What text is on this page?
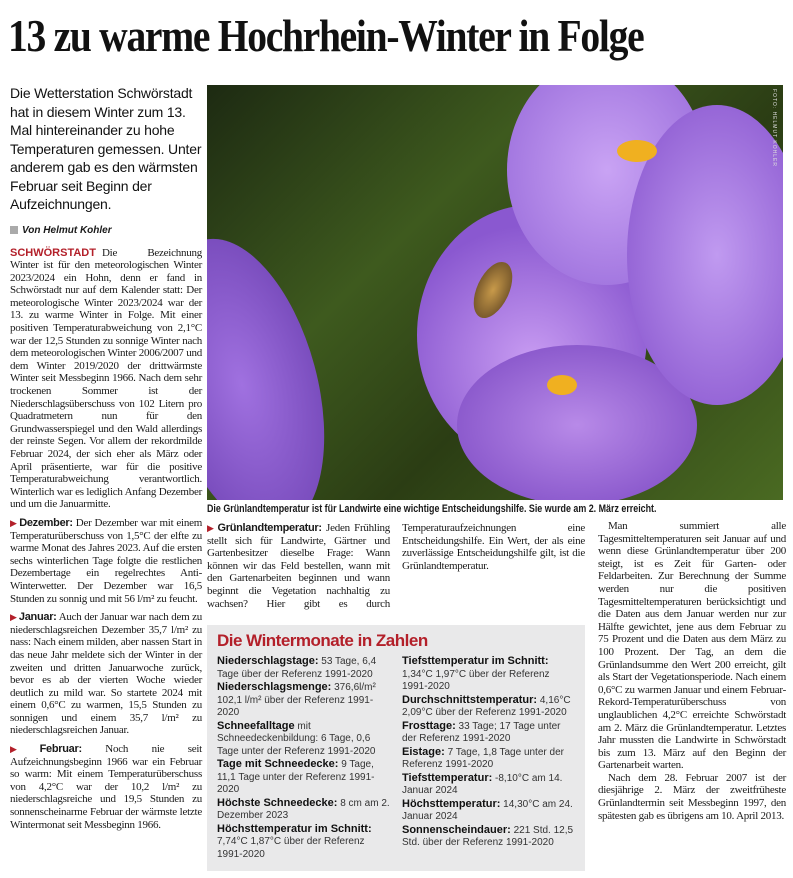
13 zu warme Hochrhein-Winter in Folge
Die Wetterstation Schwörstadt hat in diesem Winter zum 13. Mal hintereinander zu hohe Temperaturen gemessen. Unter anderem gab es den wärmsten Februar seit Beginn der Aufzeichnungen.
Von Helmut Kohler

SCHWÖRSTADT Die Bezeichnung Winter ist für den meteorologischen Winter 2023/2024 ein Hohn, denn er fand in Schwörstadt nur auf dem Kalender statt: Der meteorologische Winter 2023/2024 war der 13. zu warme Winter in Folge. Mit einer positiven Temperaturabweichung von 2,1°C war der 12,5 Stunden zu sonnige Winter nach dem meteorologischen Winter 2006/2007 und dem Winter 2019/2020 der drittwärmste Winter seit Messbeginn 1966. Nach dem sehr trockenen Sommer ist der Niederschlagsüberschuss von 102 Litern pro Quadratmetern nun für den Grundwasserspiegel und den Wald allerdings der reinste Segen. Vor allem der rekordmilde Februar 2024, der sich eher als März oder April präsentierte, war für die positive Temperaturabweichung verantwortlich. Winterlich war es lediglich Anfang Dezember und um die Januarmitte.

▶ Dezember: Der Dezember war mit einem Temperaturüberschuss von 1,5°C der elfte zu warme Monat des Jahres 2023. Auf die ersten sechs winterlichen Tage folgte die restlichen Dezembertage ein regelrechtes Anti-Winterwetter. Der Dezember war 16,5 Stunden zu sonnig und mit 56 l/m² zu feucht.

▶ Januar: Auch der Januar war nach dem zu niederschlagsreichen Dezember 35,7 l/m² zu nass: Nach einem milden, aber nassen Start in das neue Jahr meldete sich der Winter in der zweiten und dritten Januarwoche zurück, bevor es ab der vierten Woche wieder deutlich zu mild war. So startete 2024 mit einem 0,6°C zu warmen, 15,5 Stunden zu sonnigen und einem 35,7 l/m² zu niederschlagsreichen Januar.

▶ Februar: Noch nie seit Aufzeichnungsbeginn 1966 war ein Februar so warm: Mit einem Temperaturüberschuss von 4,2°C war der 10,2 l/m² zu niederschlagsreiche und 19,5 Stunden zu sonnenscheinarme Februar der wärmste letzte Wintermonat seit Messbeginn 1966.

FOTO: HELMUT KOHLER
Die Grünlandtemperatur ist für Landwirte eine wichtige Entscheidungshilfe. Sie wurde am 2. März erreicht.

▶ Grünlandtemperatur: Jeden Frühling stellt sich für Landwirte, Gärtner und Gartenbesitzer dieselbe Frage: Wann können wir das Feld bestellen, wann mit den Gartenarbeiten beginnen und wann beginnt die Vegetation nachhaltig zu wachsen? Hier gibt es durch Temperaturaufzeichnungen eine Entscheidungshilfe. Ein Wert, der als eine zuverlässige Entscheidungshilfe gilt, ist die Grünlandtemperatur.

Man summiert alle Tagesmitteltemperaturen seit Januar auf und wenn diese Grünlandtemperatur über 200 steigt, ist es Zeit für Garten- oder Feldarbeiten. Zur Berechnung der Summe werden nur die positiven Tagesmitteltemperaturen berücksichtigt und die Daten aus dem Januar werden nur zur Hälfte gewichtet, jene aus dem Februar zu 75 Prozent und die Daten aus dem März zu 100 Prozent. Der Tag, an dem die Grünlandsumme den Wert 200 erreicht, gilt als Start der Vegetationsperiode. Nach einem 0,6°C zu warmen Januar und einem Februar-Rekord-Temperaturüberschuss von unglaublichen 4,2°C erreichte Schwörstadt am 2. März die Grünlandtemperatur. Letztes Jahr mussten die Landwirte in Schwörstadt bis zum 13. März auf den Beginn der Gartenarbeit warten.

Nach dem 28. Februar 2007 ist der diesjährige 2. März der zweitfrüheste Grünlandtermin seit Messbeginn 1997, den spätesten gab es übrigens am 10. April 2013.

Die Wintermonate in Zahlen
Niederschlagstage: 53 Tage, 6,4 Tage über der Referenz 1991-2020
Niederschlagsmenge: 376,6l/m² 102,1 l/m² über der Referenz 1991-2020
Schneefalltage mit Schneedeckenbildung: 6 Tage, 0,6 Tage unter der Referenz 1991-2020
Tage mit Schneedecke: 9 Tage, 11,1 Tage unter der Referenz 1991-2020
Höchste Schneedecke: 8 cm am 2. Dezember 2023
Höchsttemperatur im Schnitt: 7,74°C 1,87°C über der Referenz 1991-2020
Tiefsttemperatur im Schnitt: 1,34°C 1,97°C über der Referenz 1991-2020
Durchschnittstemperatur: 4,16°C 2,09°C über der Referenz 1991-2020
Frosttage: 33 Tage; 17 Tage unter der Referenz 1991-2020
Eistage: 7 Tage, 1,8 Tage unter der Referenz 1991-2020
Tiefsttemperatur: -8,10°C am 14. Januar 2024
Höchsttemperatur: 14,30°C am 24. Januar 2024
Sonnenscheindauer: 221 Std. 12,5 Std. über der Referenz 1991-2020
